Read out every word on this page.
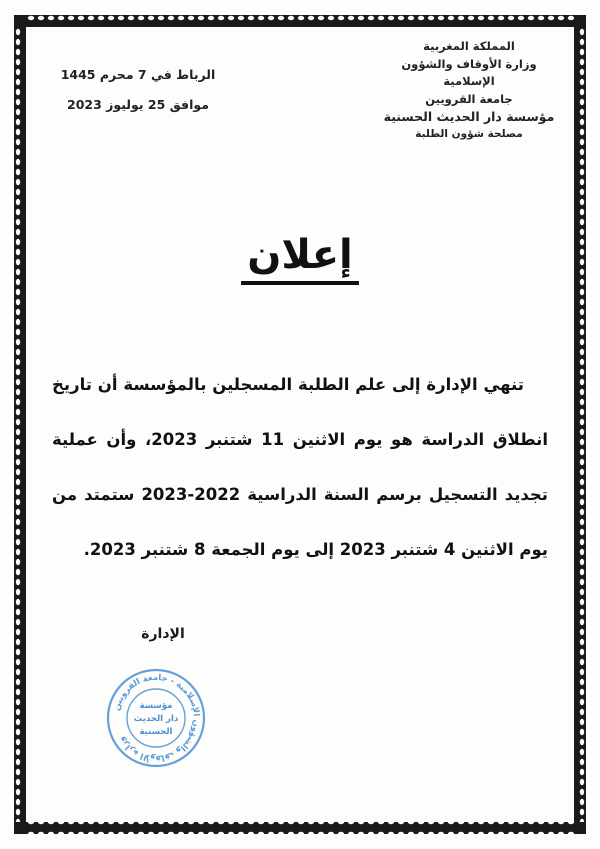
المملكة المغربية
وزارة الأوقاف والشؤون الإسلامية
جامعة القرويين
مؤسسة دار الحديث الحسنية
مصلحة شؤون الطلبة
الرباط في 7 محرم 1445
موافق 25 يوليوز 2023
إعلان
تنهي الإدارة إلى علم الطلبة المسجلين بالمؤسسة أن تاريخ انطلاق الدراسة هو يوم الاثنين 11 شتنبر 2023، وأن عملية تجديد التسجيل برسم السنة الدراسية 2022-2023 ستمتد من يوم الاثنين 4 شتنبر 2023 إلى يوم الجمعة 8 شتنبر 2023.
الإدارة
وزارة الأوقاف والشؤون الإسلامية - جامعة القرويين
مؤسسة
دار الحديث
الحسنية
